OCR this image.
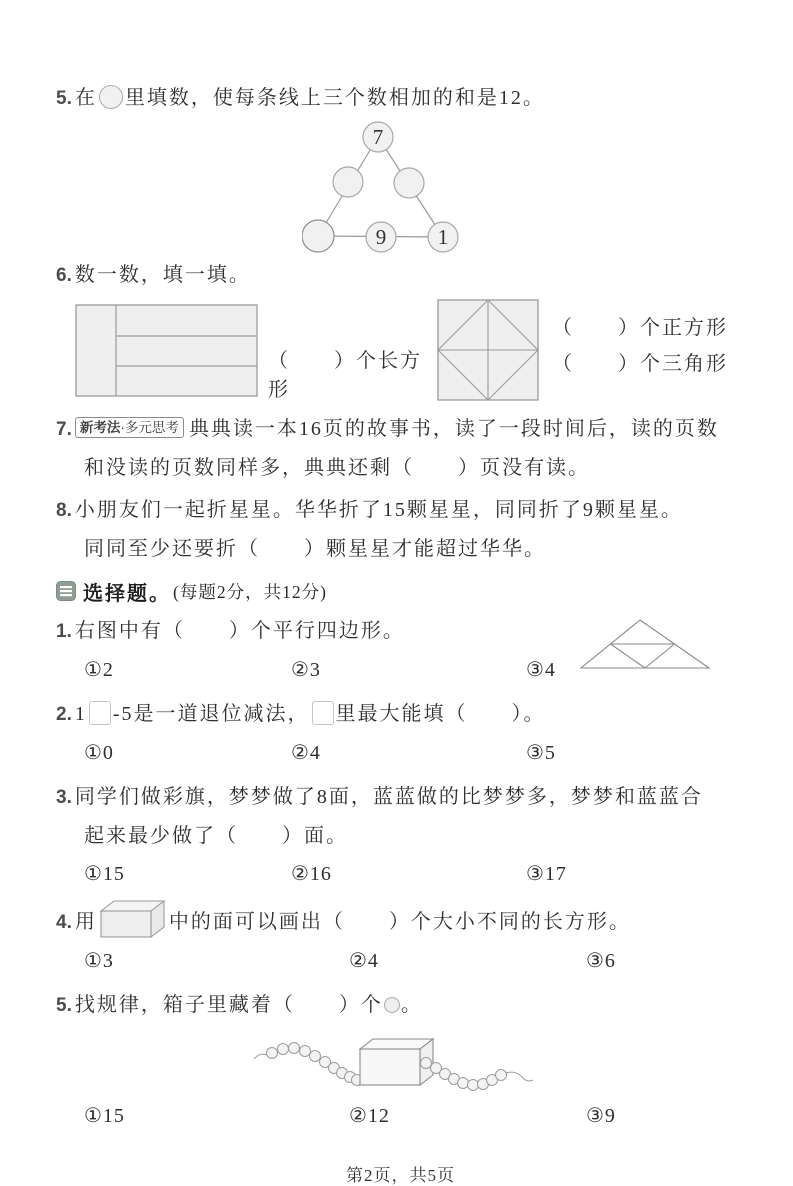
5. 在 里填数，使每条线上三个数相加的和是12。
7
9 1
6. 数一数，填一填。
（　　）个长方形
（　　）个正方形
（　　）个三角形
7. 新考法·多元思考 典典读一本16页的故事书，读了一段时间后，读的页数
和没读的页数同样多，典典还剩（　　）页没有读。
8. 小朋友们一起折星星。华华折了15颗星星，同同折了9颗星星。
同同至少还要折（　　）颗星星才能超过华华。
选择题。 (每题2分，共12分)
1. 右图中有（　　）个平行四边形。
①2	②3	③4
2. 1 -5是一道退位减法， 里最大能填（　　）。
①0	②4	③5
3. 同学们做彩旗，梦梦做了8面，蓝蓝做的比梦梦多，梦梦和蓝蓝合
起来最少做了（　　）面。
①15	②16	③17
4. 用	中的面可以画出（　　）个大小不同的长方形。
①3	②4	③6
5. 找规律，箱子里藏着（　　）个 。
①15	②12	③9
第2页，共5页
